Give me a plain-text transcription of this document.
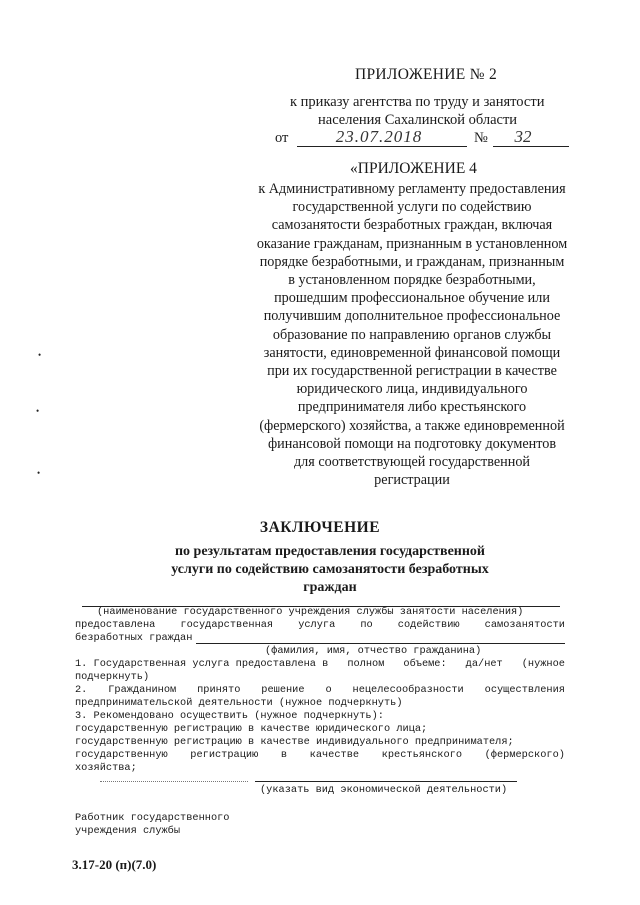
ПРИЛОЖЕНИЕ № 2
к приказу агентства по труду и занятости
населения Сахалинской области
от	23.07.2018	№	32
«ПРИЛОЖЕНИЕ 4
к Административному регламенту предоставления
государственной услуги по содействию
самозанятости безработных граждан, включая
оказание гражданам, признанным в установленном
порядке безработными, и гражданам, признанным
в установленном порядке безработными,
прошедшим профессиональное обучение или
получившим дополнительное профессиональное
образование по направлению органов службы
занятости, единовременной финансовой помощи
при их государственной регистрации в качестве
юридического лица, индивидуального
предпринимателя либо крестьянского
(фермерского) хозяйства, а также единовременной
финансовой помощи на подготовку документов
для соответствующей государственной
регистрации
•
•
•
ЗАКЛЮЧЕНИЕ
по результатам предоставления государственной
услуги по содействию самозанятости безработных
граждан
(наименование государственного учреждения службы занятости населения)
предоставлена государственная услуга по содействию самозанятости
безработных граждан
(фамилия, имя, отчество гражданина)
1. Государственная услуга предоставлена в полном объеме: да/нет (нужное
подчеркнуть)
2. Гражданином принято решение о нецелесообразности осуществления
предпринимательской деятельности (нужное подчеркнуть)
3. Рекомендовано осуществить (нужное подчеркнуть):
государственную регистрацию в качестве юридического лица;
государственную регистрацию в качестве индивидуального предпринимателя;
государственную регистрацию в качестве крестьянского (фермерского)
хозяйства;
(указать вид экономической деятельности)
Работник государственного
учреждения службы
3.17-20 (п)(7.0)
